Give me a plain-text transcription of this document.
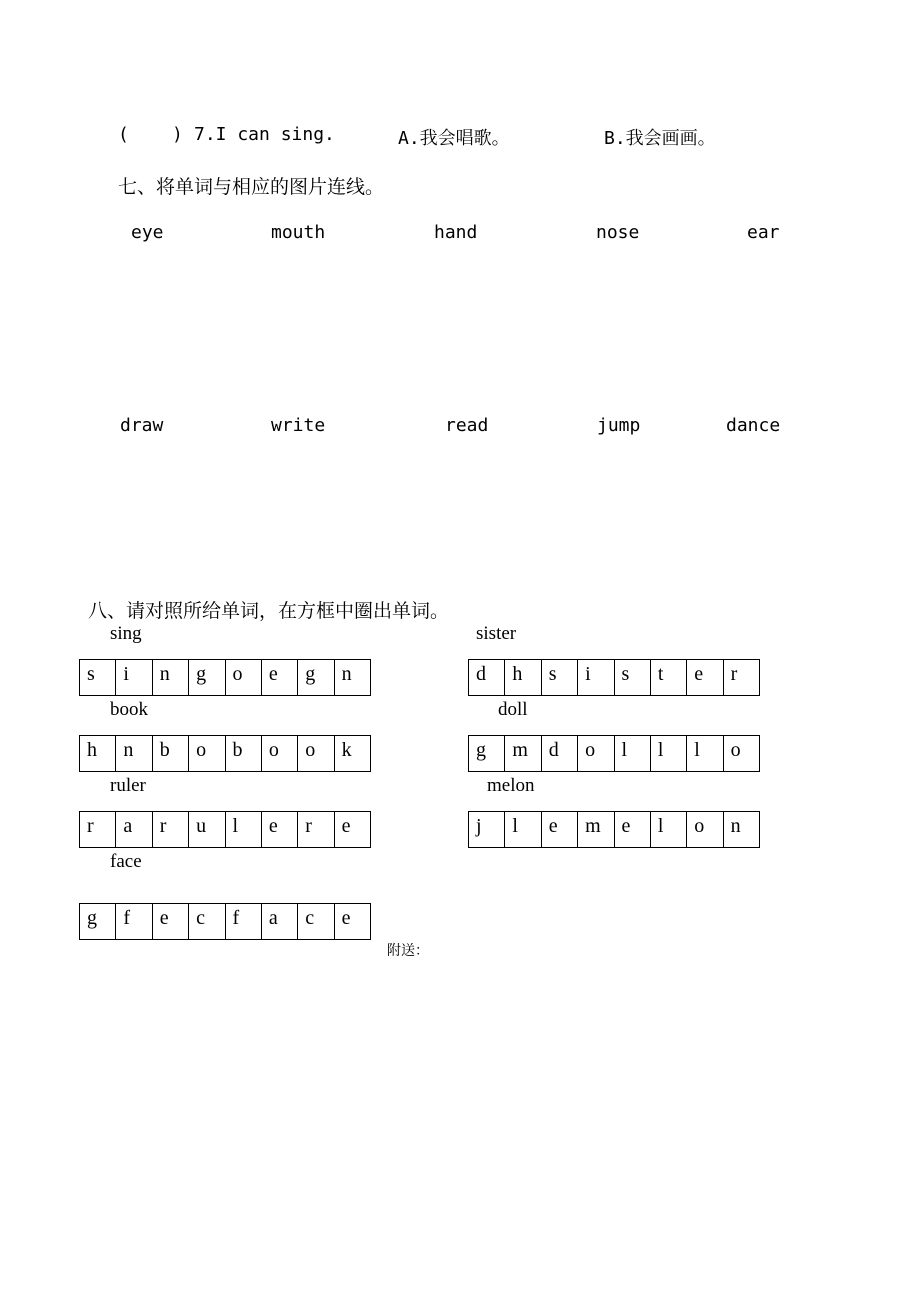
( ) 7.I can sing.	A.我会唱歌。	B.我会画画。
七、将单词与相应的图片连线。
eye	mouth	hand	nose	ear
draw	write	read	jump	dance
八、请对照所给单词，在方框中圈出单词。
sing
s	i	n	g	o	e	g	n
book
h	n	b	o	b	o	o	k
ruler
r	a	r	u	l	e	r	e
face
g	f	e	c	f	a	c	e
sister
d	h	s	i	s	t	e	r
doll
g	m	d	o	l	l	l	o
melon
j	l	e	m	e	l	o	n
附送：
